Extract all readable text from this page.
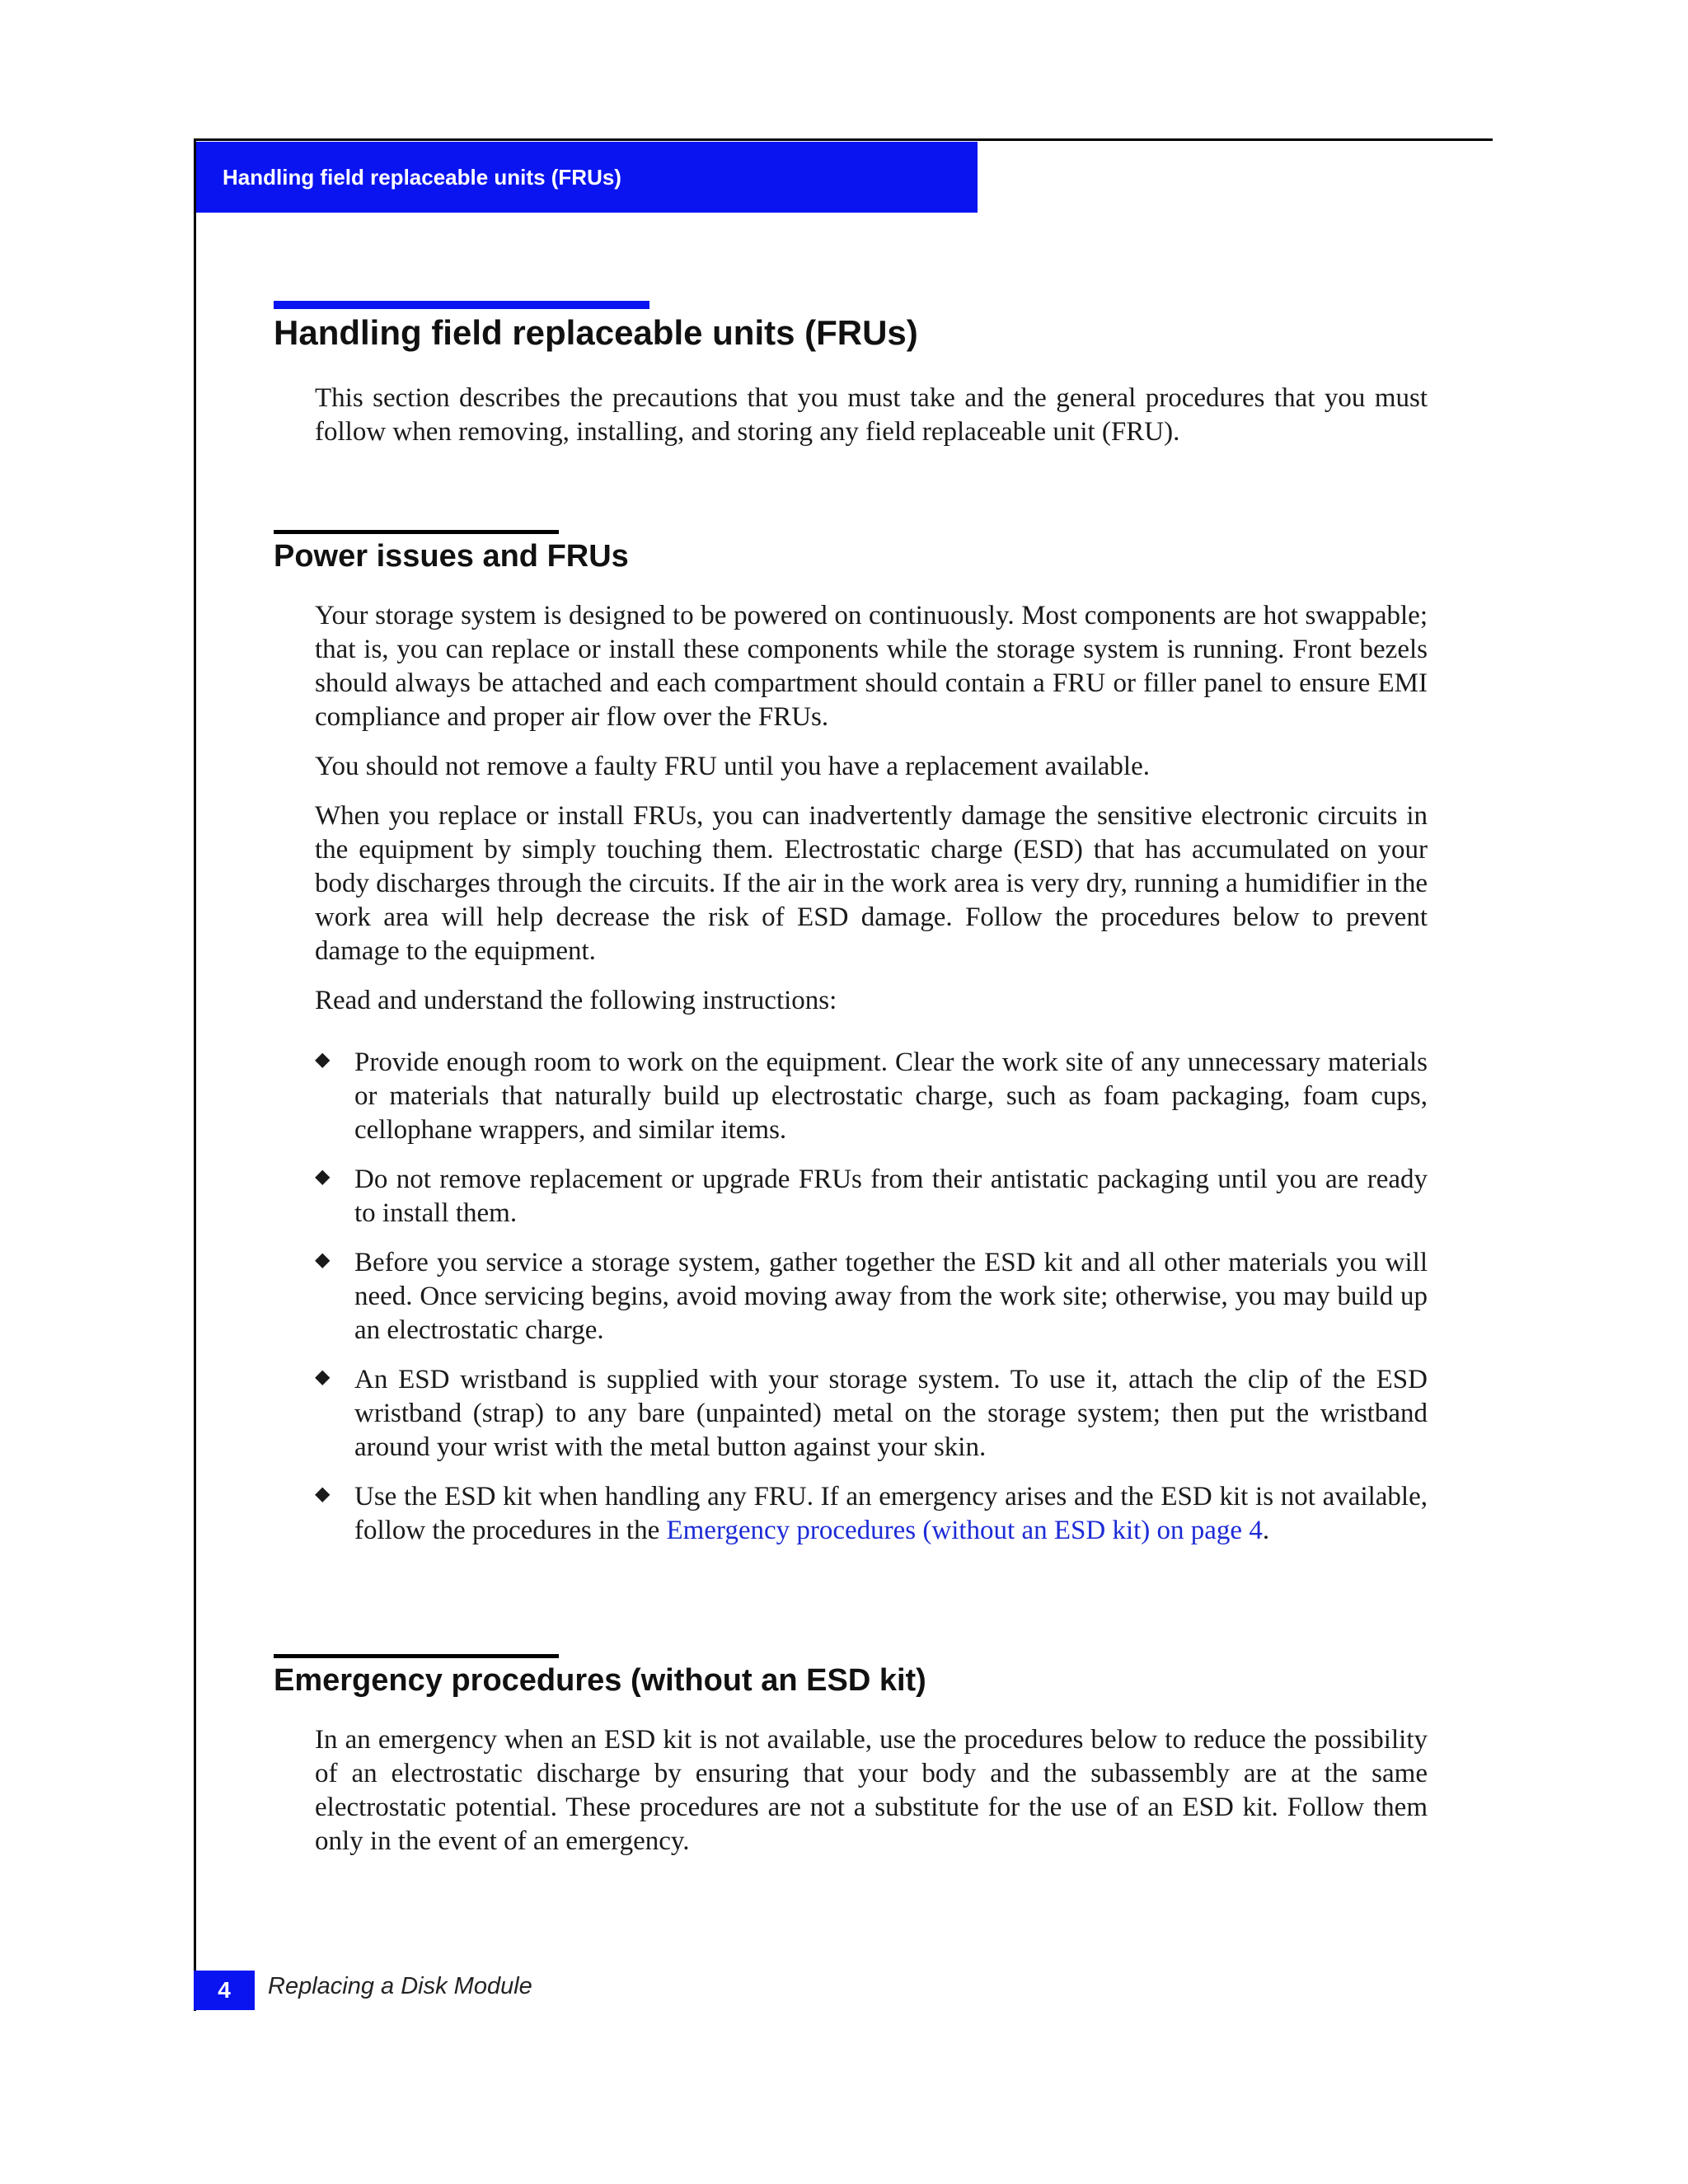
Handling field replaceable units (FRUs)
Handling field replaceable units (FRUs)

This section describes the precautions that you must take and the general procedures that you must follow when removing, installing, and storing any field replaceable unit (FRU).

Power issues and FRUs

Your storage system is designed to be powered on continuously. Most components are hot swappable; that is, you can replace or install these components while the storage system is running. Front bezels should always be attached and each compartment should contain a FRU or filler panel to ensure EMI compliance and proper air flow over the FRUs.

You should not remove a faulty FRU until you have a replacement available.

When you replace or install FRUs, you can inadvertently damage the sensitive electronic circuits in the equipment by simply touching them. Electrostatic charge (ESD) that has accumulated on your body discharges through the circuits. If the air in the work area is very dry, running a humidifier in the work area will help decrease the risk of ESD damage. Follow the procedures below to prevent damage to the equipment.

Read and understand the following instructions:

◆ Provide enough room to work on the equipment. Clear the work site of any unnecessary materials or materials that naturally build up electrostatic charge, such as foam packaging, foam cups, cellophane wrappers, and similar items.
◆ Do not remove replacement or upgrade FRUs from their antistatic packaging until you are ready to install them.
◆ Before you service a storage system, gather together the ESD kit and all other materials you will need. Once servicing begins, avoid moving away from the work site; otherwise, you may build up an electrostatic charge.
◆ An ESD wristband is supplied with your storage system. To use it, attach the clip of the ESD wristband (strap) to any bare (unpainted) metal on the storage system; then put the wristband around your wrist with the metal button against your skin.
◆ Use the ESD kit when handling any FRU. If an emergency arises and the ESD kit is not available, follow the procedures in the Emergency procedures (without an ESD kit) on page 4.
Emergency procedures (without an ESD kit)

In an emergency when an ESD kit is not available, use the procedures below to reduce the possibility of an electrostatic discharge by ensuring that your body and the subassembly are at the same electrostatic potential. These procedures are not a substitute for the use of an ESD kit. Follow them only in the event of an emergency.

4 Replacing a Disk Module
